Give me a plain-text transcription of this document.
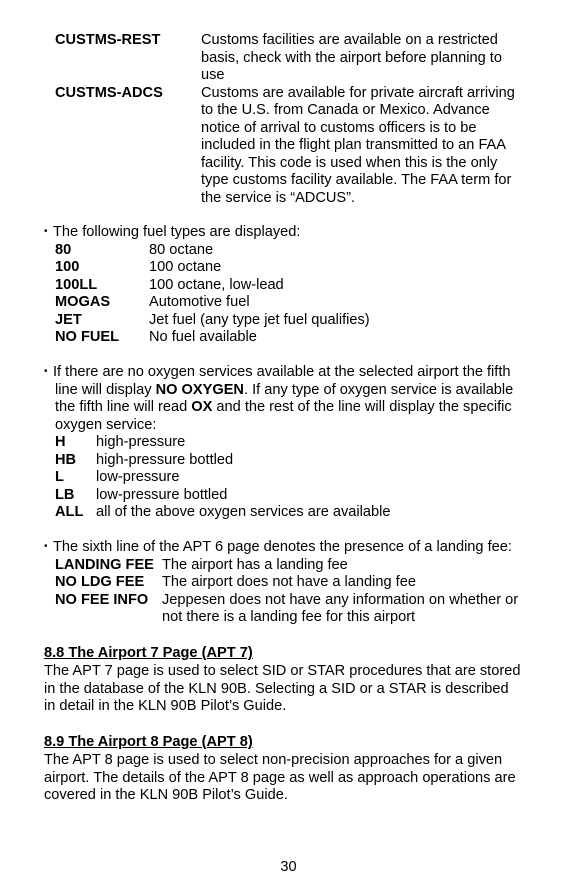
CUSTMS-REST	Customs facilities are available on a restricted
basis, check with the airport before planning to
use
CUSTMS-ADCS	Customs are available for private aircraft arriving
to the U.S. from Canada or Mexico. Advance
notice of arrival to customs officers is to be
included in the flight plan transmitted to an FAA
facility. This code is used when this is the only
type customs facility available. The FAA term for
the service is “ADCUS”.
• The following fuel types are displayed:
80	80 octane
100	100 octane
100LL	100 octane, low-lead
MOGAS	Automotive fuel
JET	Jet fuel (any type jet fuel qualifies)
NO FUEL No fuel available
• If there are no oxygen services available at the selected airport the fifth
line will display NO OXYGEN. If any type of oxygen service is available
the fifth line will read OX and the rest of the line will display the specific
oxygen service:
H high-pressure
HB high-pressure bottled
L low-pressure
LB low-pressure bottled
ALL all of the above oxygen services are available
• The sixth line of the APT 6 page denotes the presence of a landing fee:
LANDING FEE The airport has a landing fee
NO LDG FEE The airport does not have a landing fee
NO FEE INFO Jeppesen does not have any information on whether or
not there is a landing fee for this airport
8.8 The Airport 7 Page (APT 7)
The APT 7 page is used to select SID or STAR procedures that are stored
in the database of the KLN 90B. Selecting a SID or a STAR is described
in detail in the KLN 90B Pilot’s Guide.
8.9 The Airport 8 Page (APT 8)
The APT 8 page is used to select non-precision approaches for a given
airport. The details of the APT 8 page as well as approach operations are
covered in the KLN 90B Pilot’s Guide.
30
